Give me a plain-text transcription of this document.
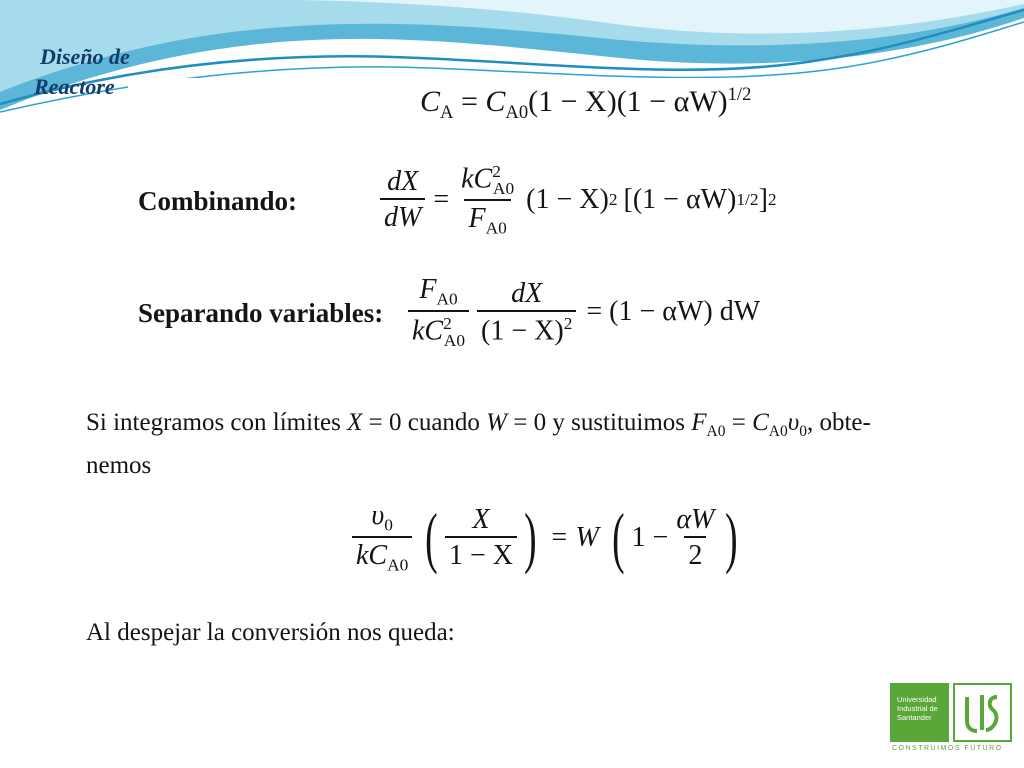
Diseño de
Reactore	$C_A = C_{A0}(1 - X)(1 - \alpha W)^{1/2}$
Combinando:	$\frac{dX}{dW} = \frac{kC^2_{A0}}{F_{A0}} (1 - X)$ 2 [(1 − αW) 1/2 ] 2
Separando variables: $\frac{F_{A0}}{kC^2_{A0}} \frac{dX}{(1 - X)^2} = (1 - \alpha W)$ dW
Si integramos con límites X = 0 cuando W = 0 y sustituimos $F_{A0} = C_{A0}\upsilon_0$, obte-
nemos
$\frac{\upsilon_0}{kC_{A0}}$ ( $\frac{X}{1 - X}$ ) = W ( $1 - \frac{\alpha W}{2}$ )
Al despejar la conversión nos queda:
Universidad
Industrial de
Santander
CONSTRUIMOS FUTURO
